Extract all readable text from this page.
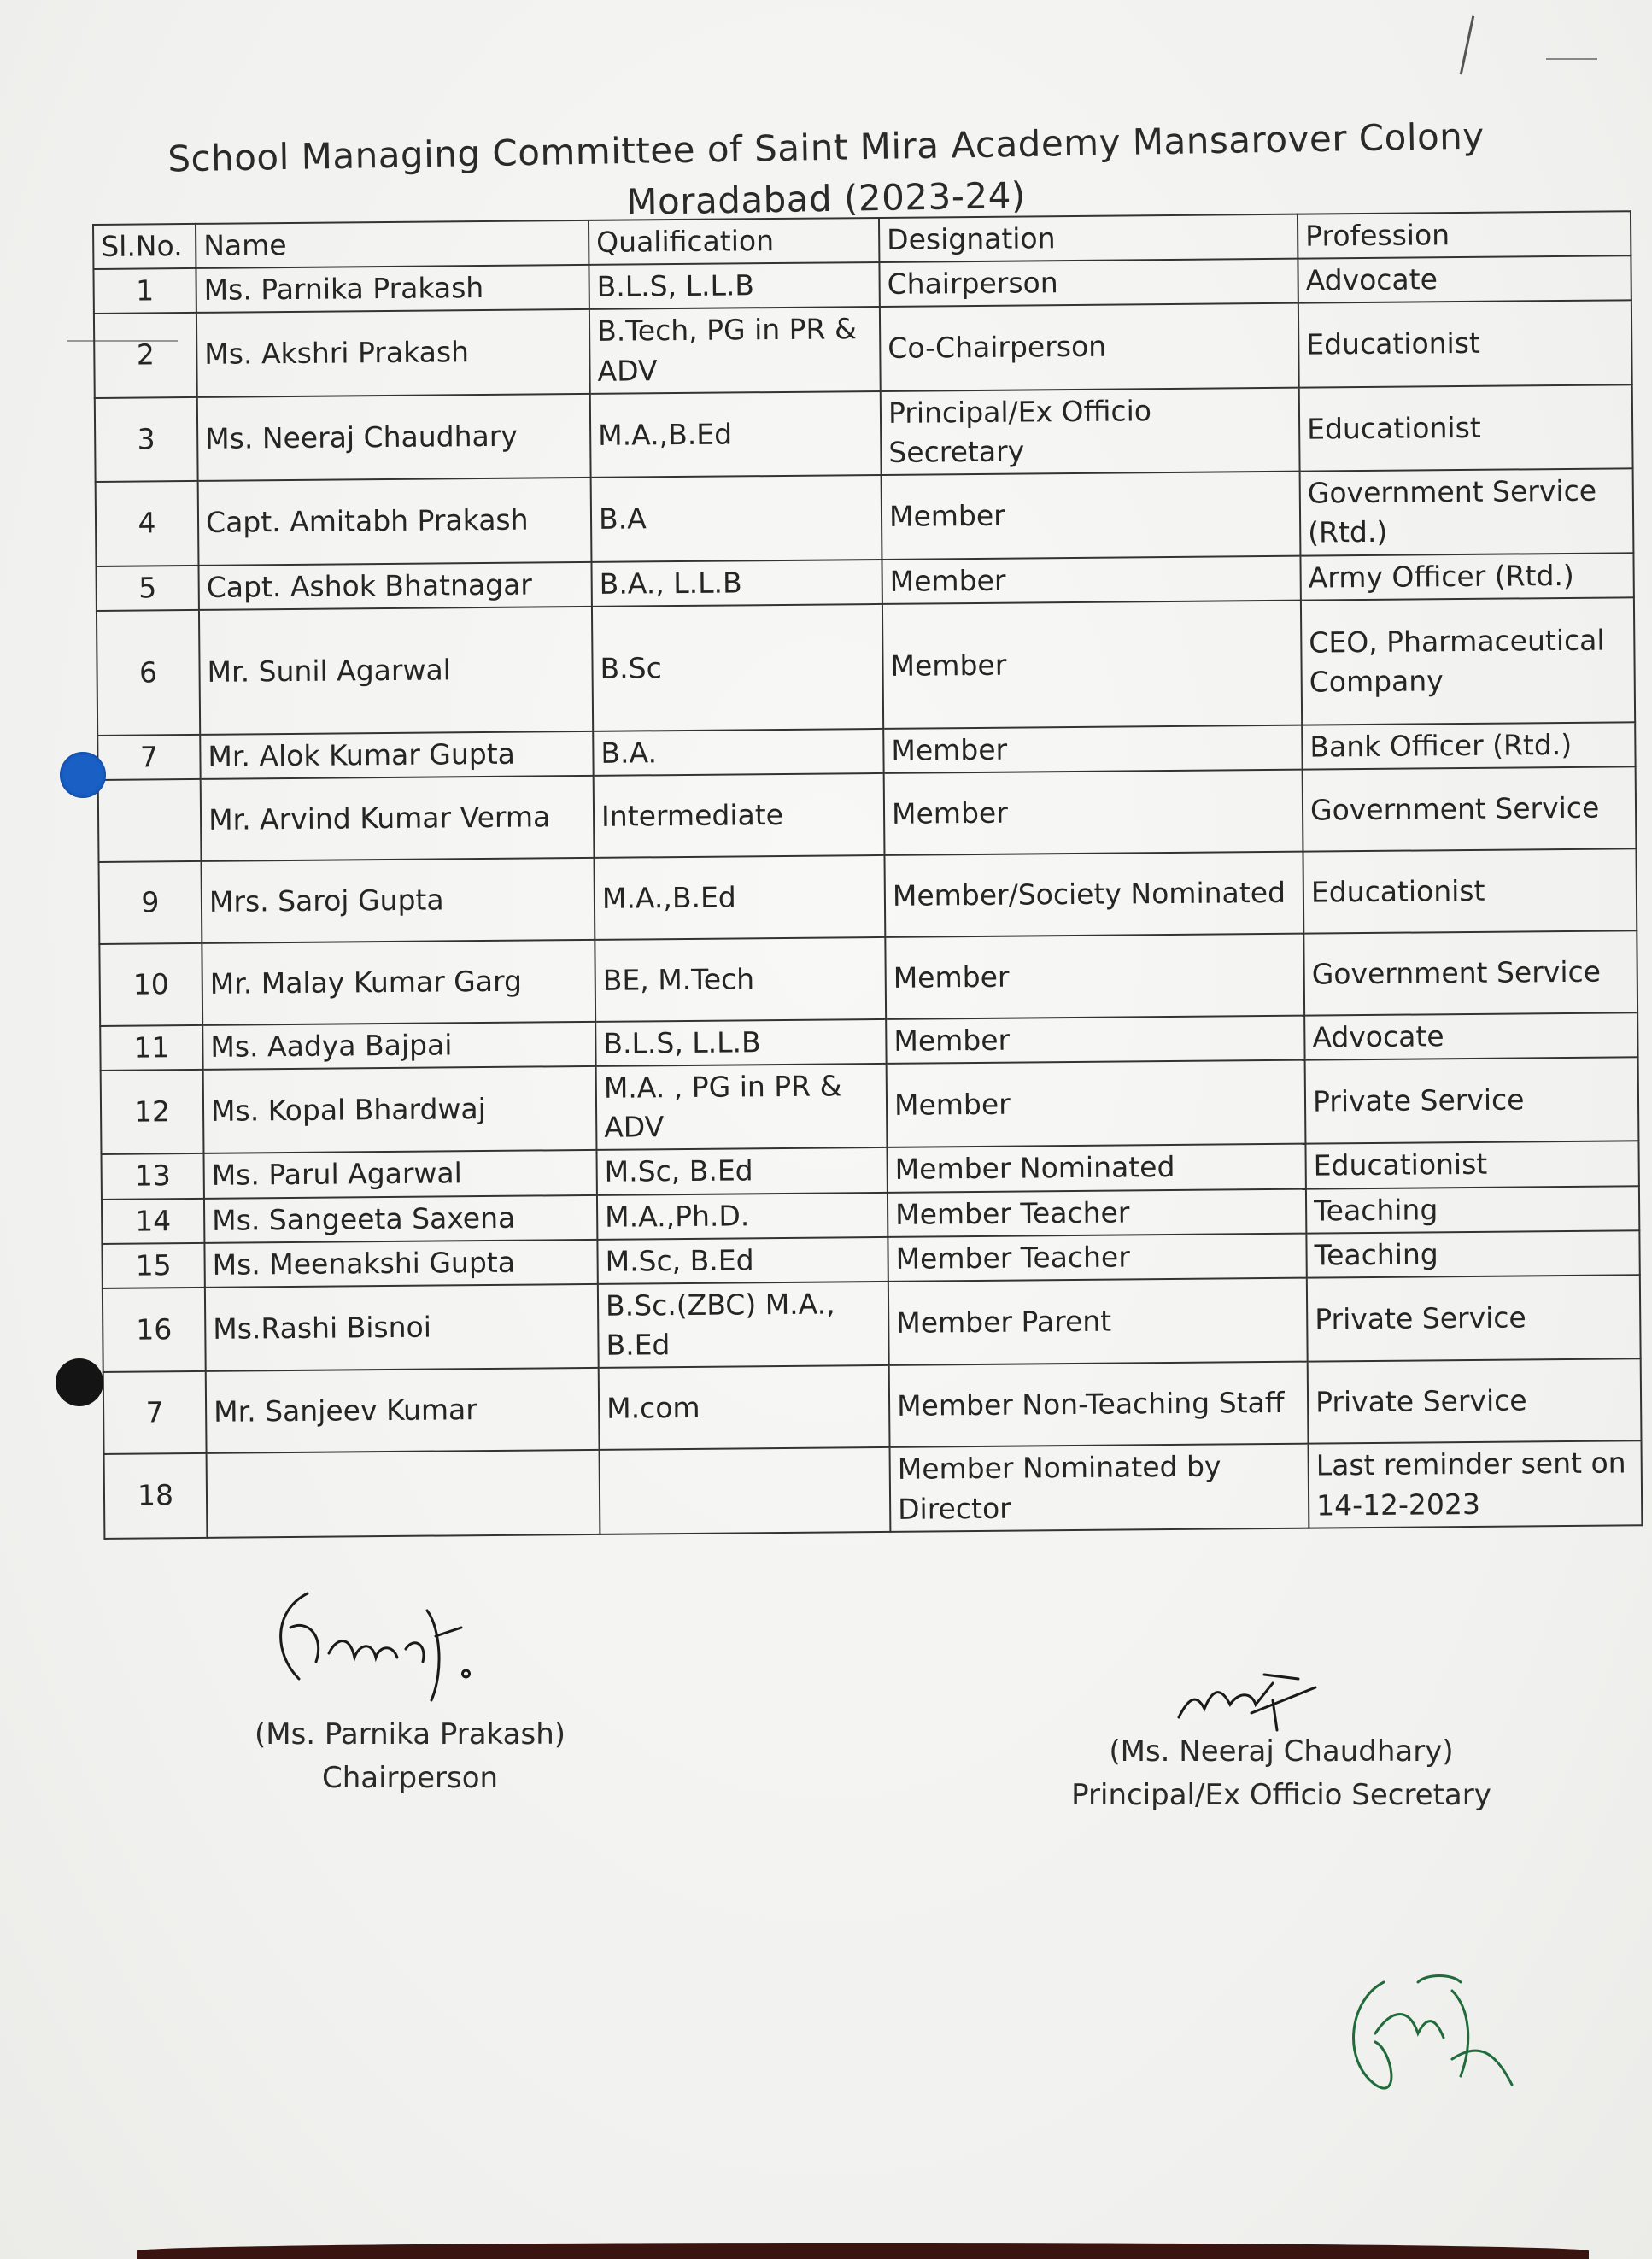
School Managing Committee of Saint Mira Academy Mansarover Colony
Moradabad (2023-24)
Sl.No.	Name	Qualification	Designation	Profession
1	Ms. Parnika Prakash	B.L.S, L.L.B	Chairperson	Advocate
2	Ms. Akshri Prakash	B.Tech, PG in PR & ADV	Co-Chairperson	Educationist
3	Ms. Neeraj Chaudhary	M.A.,B.Ed	Principal/Ex Officio Secretary	Educationist
4	Capt. Amitabh Prakash	B.A	Member	Government Service (Rtd.)
5	Capt. Ashok Bhatnagar	B.A., L.L.B	Member	Army Officer (Rtd.)
6	Mr. Sunil Agarwal	B.Sc	Member	CEO, Pharmaceutical Company
7	Mr. Alok Kumar Gupta	B.A.	Member	Bank Officer (Rtd.)
	Mr. Arvind Kumar Verma	Intermediate	Member	Government Service
9	Mrs. Saroj Gupta	M.A.,B.Ed	Member/Society Nominated	Educationist
10	Mr. Malay Kumar Garg	BE, M.Tech	Member	Government Service
11	Ms. Aadya Bajpai	B.L.S, L.L.B	Member	Advocate
12	Ms. Kopal Bhardwaj	M.A. , PG in PR & ADV	Member	Private Service
13	Ms. Parul Agarwal	M.Sc, B.Ed	Member Nominated	Educationist
14	Ms. Sangeeta Saxena	M.A.,Ph.D.	Member Teacher	Teaching
15	Ms. Meenakshi Gupta	M.Sc, B.Ed	Member Teacher	Teaching
16	Ms.Rashi Bisnoi	B.Sc.(ZBC) M.A., B.Ed	Member Parent	Private Service
7	Mr. Sanjeev Kumar	M.com	Member Non-Teaching Staff	Private Service
18			Member Nominated by Director	Last reminder sent on 14-12-2023
(Ms. Parnika Prakash)
Chairperson
(Ms. Neeraj Chaudhary)
Principal/Ex Officio Secretary
